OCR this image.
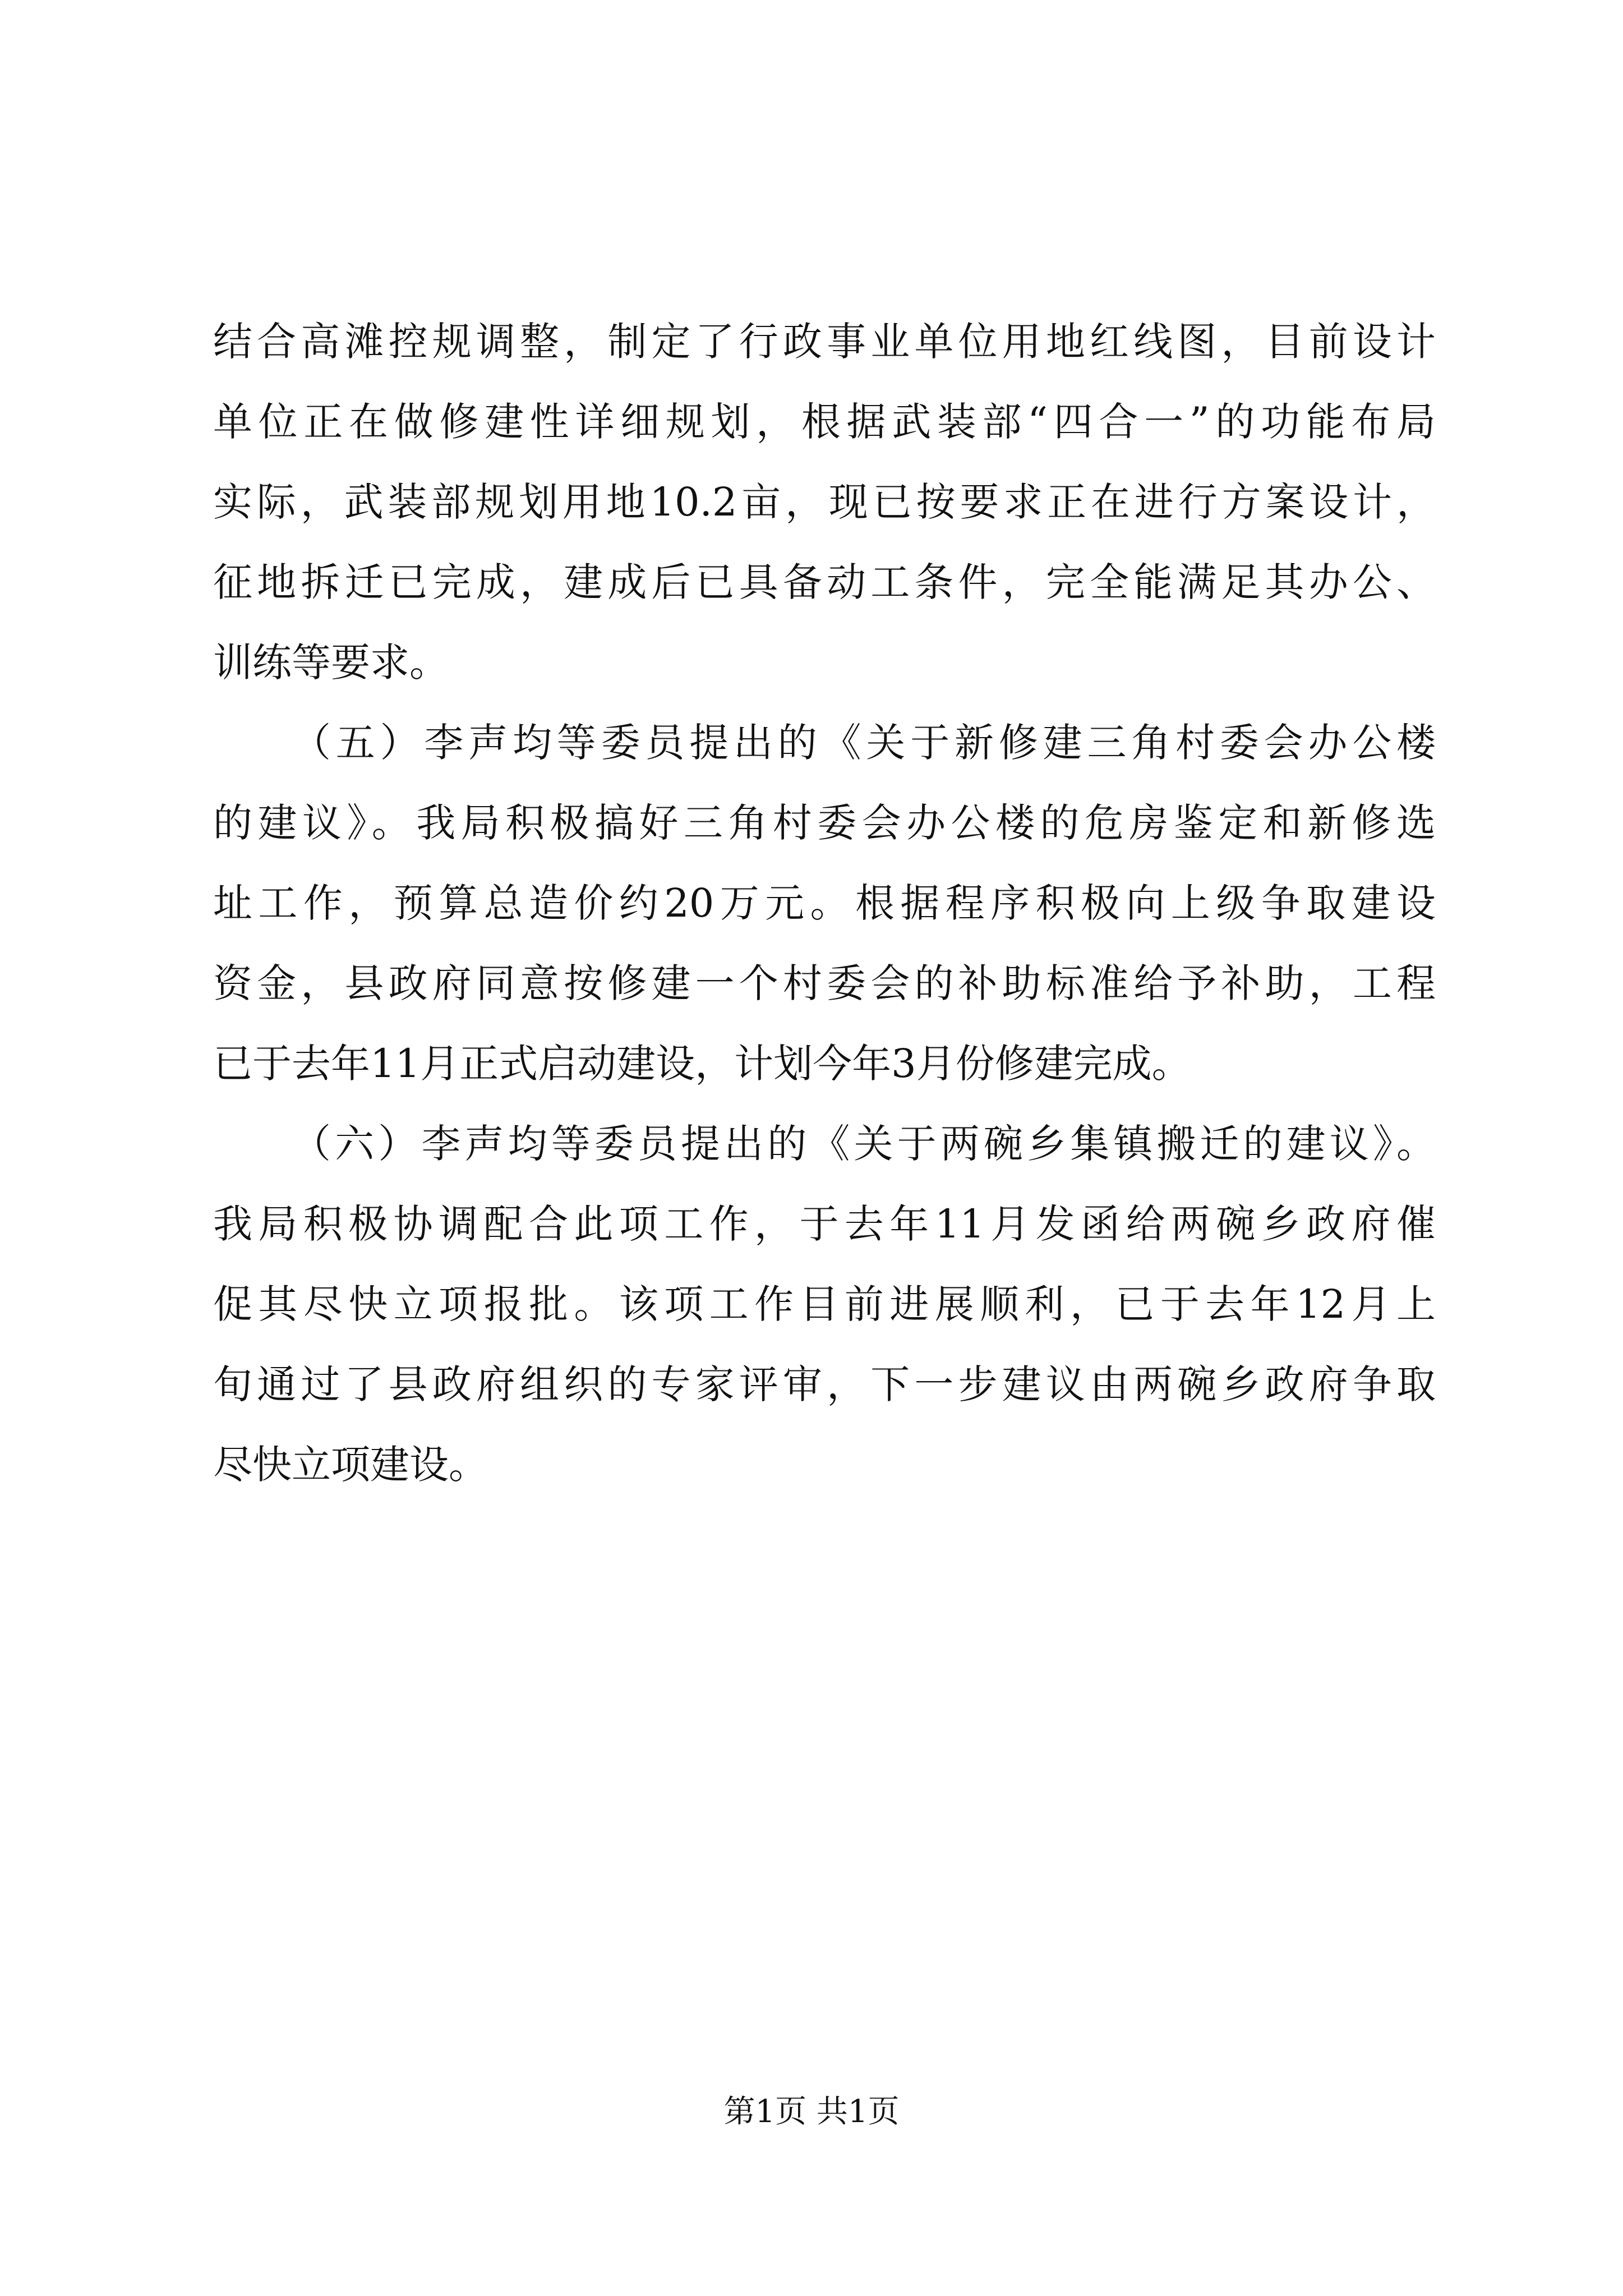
结合高滩控规调整，制定了行政事业单位用地红线图，目前设计
单位正在做修建性详细规划，根据武装部“四合一”的功能布局
实际，武装部规划用地10.2亩，现已按要求正在进行方案设计，
征地拆迁已完成，建成后已具备动工条件，完全能满足其办公、
训练等要求。
（五）李声均等委员提出的《关于新修建三角村委会办公楼
的建议》。我局积极搞好三角村委会办公楼的危房鉴定和新修选
址工作，预算总造价约20万元。根据程序积极向上级争取建设
资金，县政府同意按修建一个村委会的补助标准给予补助，工程
已于去年11月正式启动建设，计划今年3月份修建完成。
（六）李声均等委员提出的《关于两碗乡集镇搬迁的建议》。
我局积极协调配合此项工作，于去年11月发函给两碗乡政府催
促其尽快立项报批。该项工作目前进展顺利，已于去年12月上
旬通过了县政府组织的专家评审，下一步建议由两碗乡政府争取
尽快立项建设。
第1页 共1页
